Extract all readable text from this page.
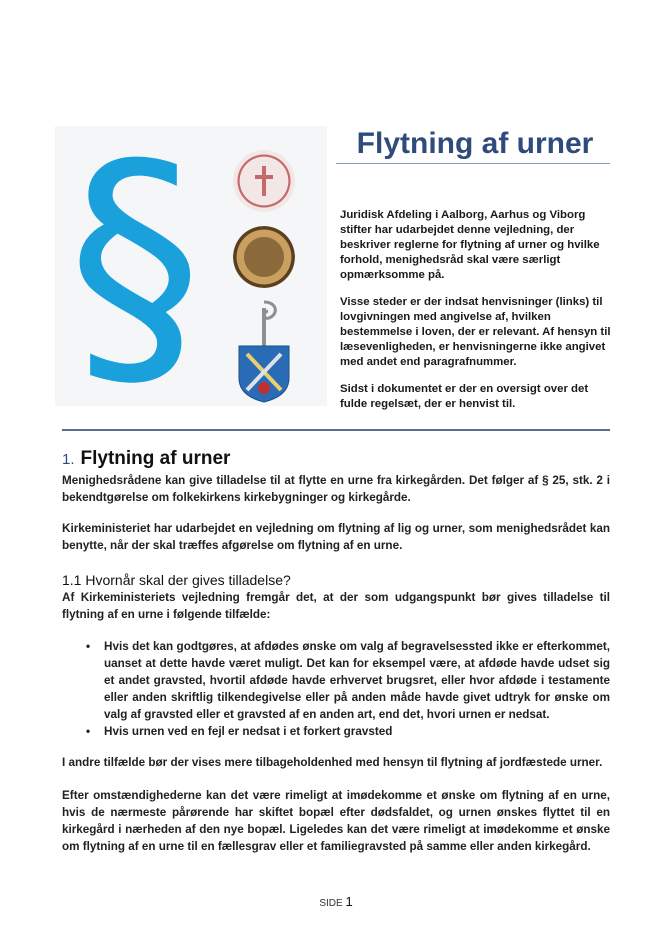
§	Flytning af urner

Juridisk Afdeling i Aalborg, Aarhus og Viborg stifter har udarbejdet denne vejledning, der beskriver reglerne for flytning af urner og hvilke forhold, menighedsråd skal være særligt opmærksomme på.

Visse steder er der indsat henvisninger (links) til lovgivningen med angivelse af, hvilken bestemmelse i loven, der er relevant. Af hensyn til læsevenligheden, er henvisningerne ikke angivet med andet end paragrafnummer.

Sidst i dokumentet er der en oversigt over det fulde regelsæt, der er henvist til.

1. Flytning af urner

Menighedsrådene kan give tilladelse til at flytte en urne fra kirkegården. Det følger af § 25, stk. 2 i bekendtgørelse om folkekirkens kirkebygninger og kirkegårde.

Kirkeministeriet har udarbejdet en vejledning om flytning af lig og urner, som menighedsrådet kan benytte, når der skal træffes afgørelse om flytning af en urne.

1.1 Hvornår skal der gives tilladelse?

Af Kirkeministeriets vejledning fremgår det, at der som udgangspunkt bør gives tilladelse til flytning af en urne i følgende tilfælde:

• Hvis det kan godtgøres, at afdødes ønske om valg af begravelsessted ikke er efterkommet, uanset at dette havde været muligt. Det kan for eksempel være, at afdøde havde udset sig et andet gravsted, hvortil afdøde havde erhvervet brugsret, eller hvor afdøde i testamente eller anden skriftlig tilkendegivelse eller på anden måde havde givet udtryk for ønske om valg af gravsted eller et gravsted af en anden art, end det, hvori urnen er nedsat.
• Hvis urnen ved en fejl er nedsat i et forkert gravsted

I andre tilfælde bør der vises mere tilbageholdenhed med hensyn til flytning af jordfæstede urner.

Efter omstændighederne kan det være rimeligt at imødekomme et ønske om flytning af en urne, hvis de nærmeste pårørende har skiftet bopæl efter dødsfaldet, og urnen ønskes flyttet til en kirkegård i nærheden af den nye bopæl. Ligeledes kan det være rimeligt at imødekomme et ønske om flytning af en urne til en fællesgrav eller et familiegravsted på samme eller anden kirkegård.

SIDE 1
